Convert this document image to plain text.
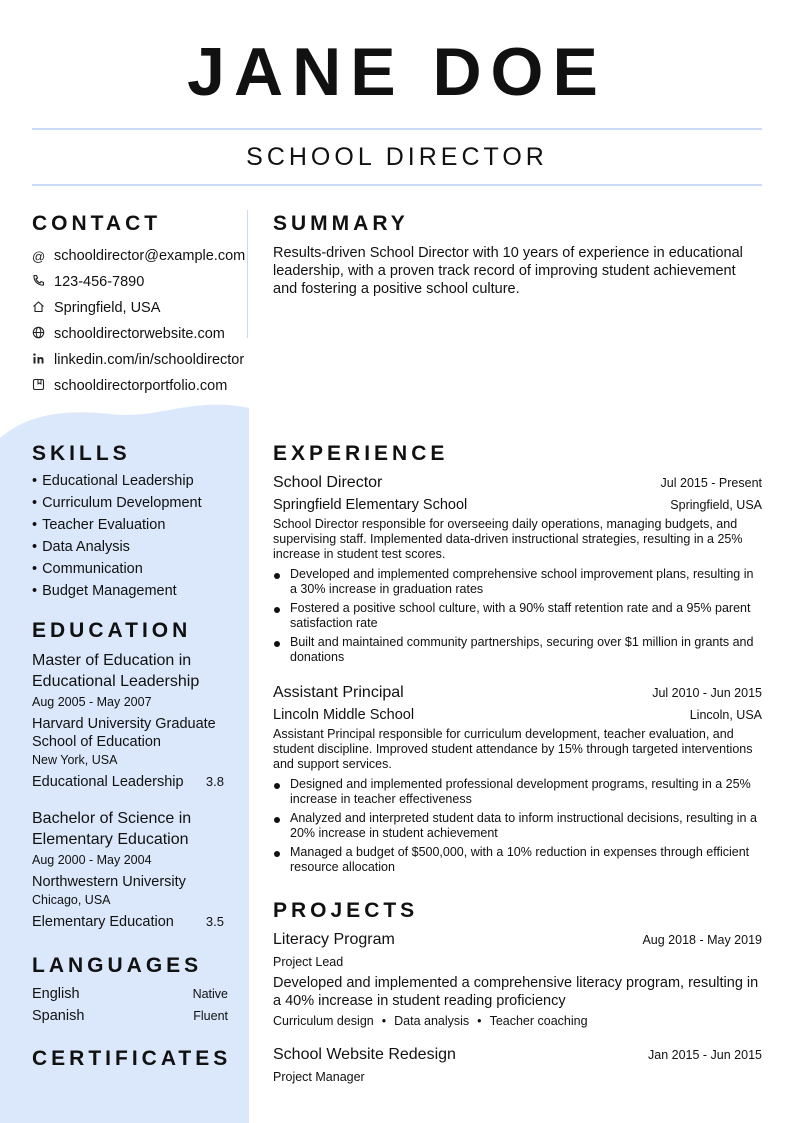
JANE DOE
SCHOOL DIRECTOR
CONTACT
@ schooldirector@example.com
123-456-7890
Springfield, USA
schooldirectorwebsite.com
linkedin.com/in/schooldirector
schooldirectorportfolio.com
SKILLS
• Educational Leadership
• Curriculum Development
• Teacher Evaluation
• Data Analysis
• Communication
• Budget Management
EDUCATION
Master of Education in Educational Leadership
Aug 2005 - May 2007
Harvard University Graduate School of Education
New York, USA
Educational Leadership 3.8
Bachelor of Science in Elementary Education
Aug 2000 - May 2004
Northwestern University
Chicago, USA
Elementary Education 3.5
LANGUAGES
English	Native
Spanish	Fluent
CERTIFICATES
SUMMARY
Results-driven School Director with 10 years of experience in educational leadership, with a proven track record of improving student achievement and fostering a positive school culture.
EXPERIENCE
School Director	Jul 2015 - Present
Springfield Elementary School	Springfield, USA
School Director responsible for overseeing daily operations, managing budgets, and supervising staff. Implemented data-driven instructional strategies, resulting in a 25% increase in student test scores.
Developed and implemented comprehensive school improvement plans, resulting in a 30% increase in graduation rates
Fostered a positive school culture, with a 90% staff retention rate and a 95% parent satisfaction rate
Built and maintained community partnerships, securing over $1 million in grants and donations
Assistant Principal	Jul 2010 - Jun 2015
Lincoln Middle School	Lincoln, USA
Assistant Principal responsible for curriculum development, teacher evaluation, and student discipline. Improved student attendance by 15% through targeted interventions and support services.
Designed and implemented professional development programs, resulting in a 25% increase in teacher effectiveness
Analyzed and interpreted student data to inform instructional decisions, resulting in a 20% increase in student achievement
Managed a budget of $500,000, with a 10% reduction in expenses through efficient resource allocation
PROJECTS
Literacy Program	Aug 2018 - May 2019
Project Lead
Developed and implemented a comprehensive literacy program, resulting in a 40% increase in student reading proficiency
Curriculum design • Data analysis • Teacher coaching
School Website Redesign	Jan 2015 - Jun 2015
Project Manager
